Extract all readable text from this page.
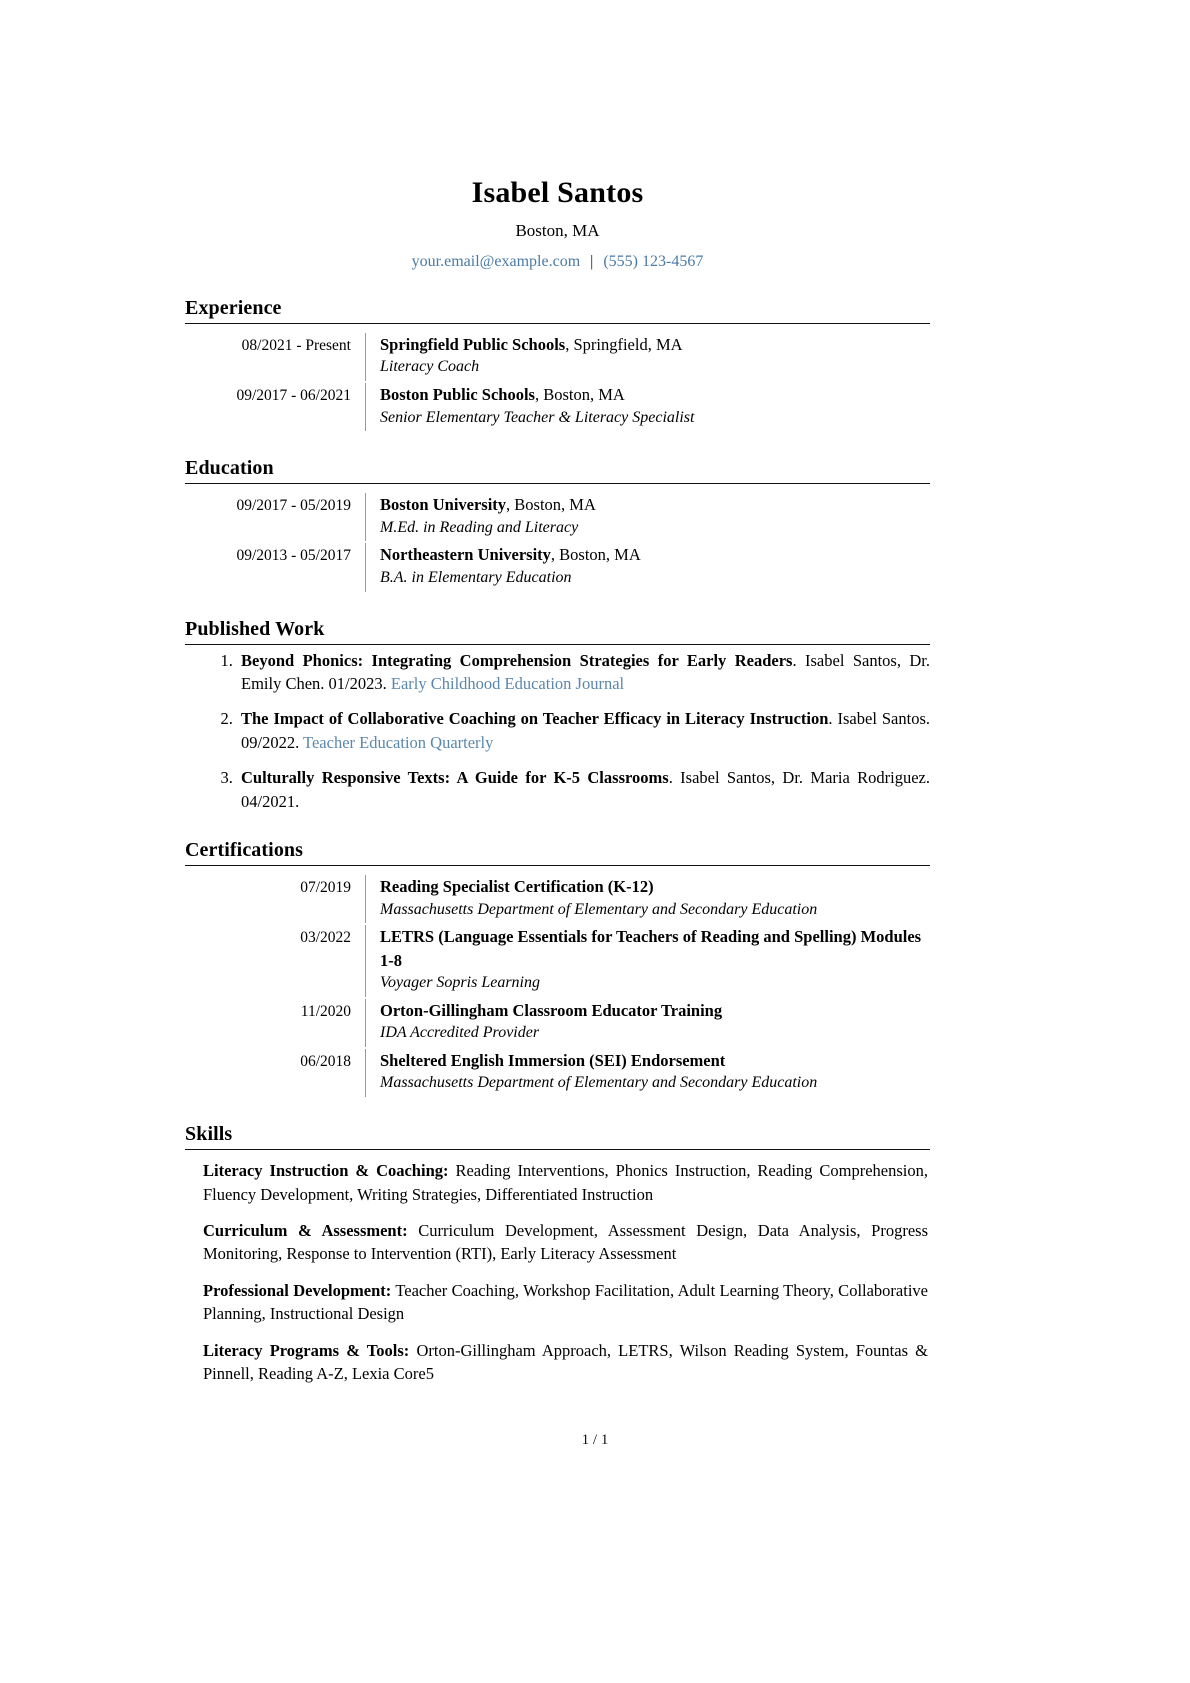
Isabel Santos
Boston, MA
your.email@example.com | (555) 123-4567
Experience
08/2021 - Present	Springfield Public Schools, Springfield, MA
Literacy Coach
09/2017 - 06/2021	Boston Public Schools, Boston, MA
Senior Elementary Teacher & Literacy Specialist
Education
09/2017 - 05/2019	Boston University, Boston, MA
M.Ed. in Reading and Literacy
09/2013 - 05/2017	Northeastern University, Boston, MA
B.A. in Elementary Education
Published Work
1. Beyond Phonics: Integrating Comprehension Strategies for Early Readers. Isabel Santos, Dr. Emily Chen. 01/2023. Early Childhood Education Journal
2. The Impact of Collaborative Coaching on Teacher Efficacy in Literacy Instruction. Isabel Santos. 09/2022. Teacher Education Quarterly
3. Culturally Responsive Texts: A Guide for K-5 Classrooms. Isabel Santos, Dr. Maria Rodriguez. 04/2021.
Certifications
07/2019	Reading Specialist Certification (K-12)
Massachusetts Department of Elementary and Secondary Education
03/2022	LETRS (Language Essentials for Teachers of Reading and Spelling) Modules 1-8
Voyager Sopris Learning
11/2020	Orton-Gillingham Classroom Educator Training
IDA Accredited Provider
06/2018	Sheltered English Immersion (SEI) Endorsement
Massachusetts Department of Elementary and Secondary Education
Skills
Literacy Instruction & Coaching: Reading Interventions, Phonics Instruction, Reading Comprehension, Fluency Development, Writing Strategies, Differentiated Instruction
Curriculum & Assessment: Curriculum Development, Assessment Design, Data Analysis, Progress Monitoring, Response to Intervention (RTI), Early Literacy Assessment
Professional Development: Teacher Coaching, Workshop Facilitation, Adult Learning Theory, Collaborative Planning, Instructional Design
Literacy Programs & Tools: Orton-Gillingham Approach, LETRS, Wilson Reading System, Fountas & Pinnell, Reading A-Z, Lexia Core5
1 / 1
